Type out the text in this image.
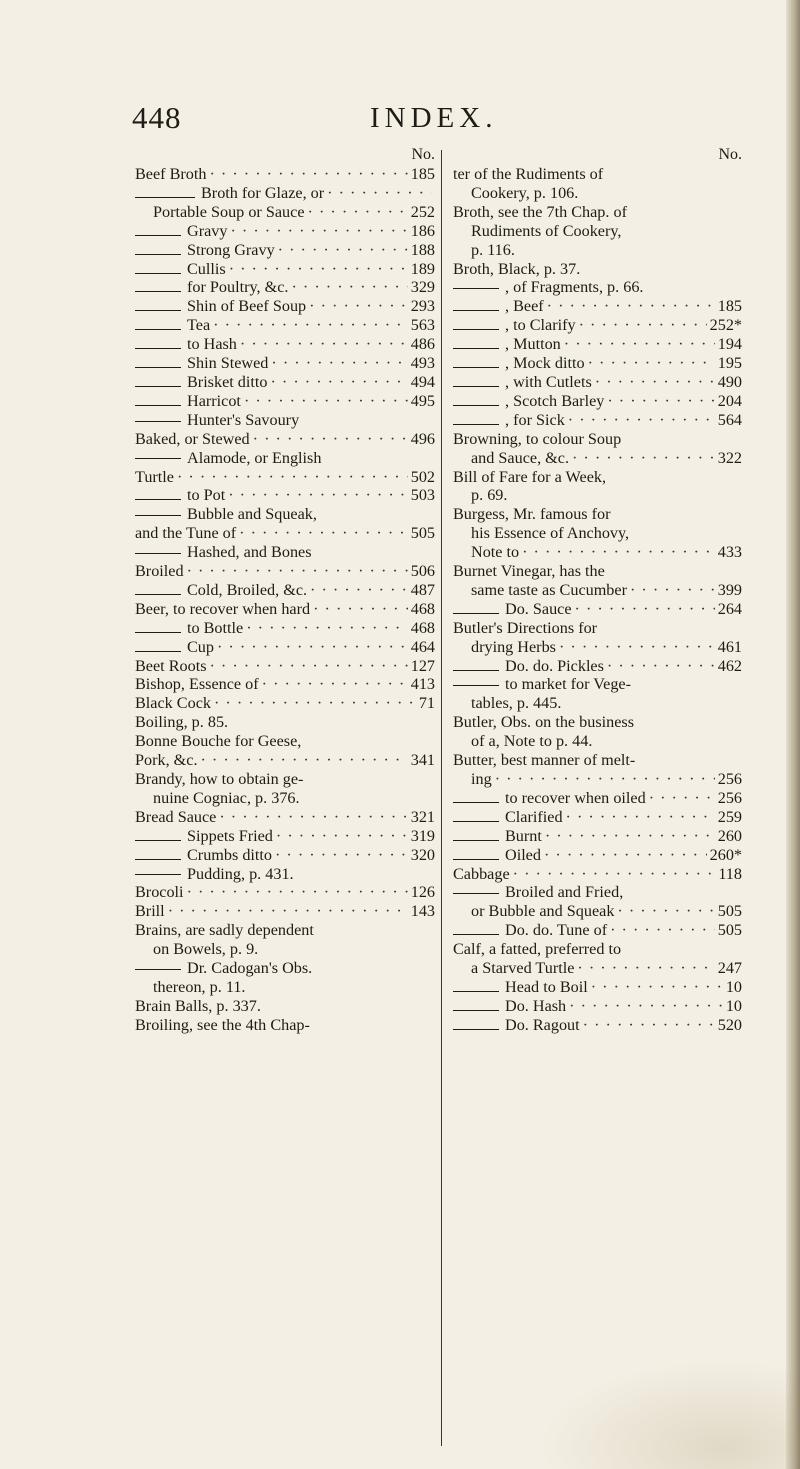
448	INDEX.
No.
Beef Broth · · ·	185
Broth for Glaze, or
· · ·
Portable Soup or Sauce · · ·	252
Gravy · · ·	186
Strong Gravy · · ·	188
Cullis · · ·	189
for Poultry, &c. · · ·	329
Shin of Beef Soup · · ·	293
Tea · · ·	563
to Hash · · ·	486
Shin Stewed · · ·	493
Brisket ditto · · ·	494
Harricot · · ·	495
Hunter's Savoury
Baked, or Stewed · · ·	496
Alamode, or English
Turtle · · ·	502
to Pot · · ·	503
Bubble and Squeak,
and the Tune of · · ·	505
Hashed, and Bones
Broiled · · ·	506
Cold, Broiled, &c. · · ·	487
Beer, to recover when hard · · ·	468
to Bottle · · ·	468
Cup · · ·	464
Beet Roots · · ·	127
Bishop, Essence of · · ·	413
Black Cock · · ·	71
Boiling, p. 85.
Bonne Bouche for Geese,
Pork, &c. · · ·	341
Brandy, how to obtain ge-
nuine Cogniac, p. 376.
Bread Sauce · · ·	321
Sippets Fried · · ·	319
Crumbs ditto · · ·	320
Pudding, p. 431.
Brocoli · · ·	126
Brill · · ·	143
Brains, are sadly dependent
on Bowels, p. 9.
Dr. Cadogan's Obs.
thereon, p. 11.
Brain Balls, p. 337.
Broiling, see the 4th Chap-
No.
ter of the Rudiments of
Cookery, p. 106.
Broth, see the 7th Chap. of
Rudiments of Cookery,
p. 116.
Broth, Black, p. 37.
, of Fragments, p. 66.
, Beef · · ·	185
, to Clarify · · ·	252*
, Mutton · · ·	194
, Mock ditto · · ·	195
, with Cutlets · · ·	490
, Scotch Barley · · ·	204
, for Sick · · ·	564
Browning, to colour Soup
and Sauce, &c. · · ·	322
Bill of Fare for a Week,
p. 69.
Burgess, Mr. famous for
his Essence of Anchovy,
Note to · · ·	433
Burnet Vinegar, has the
same taste as Cucumber · · ·	399
Do. Sauce · · ·	264
Butler's Directions for
drying Herbs · · ·	461
Do. do. Pickles · · ·	462
to market for Vege-
tables, p. 445.
Butler, Obs. on the business
of a, Note to p. 44.
Butter, best manner of melt-
ing · · ·	256
to recover when oiled · · ·	256
Clarified · · ·	259
Burnt · · ·	260
Oiled · · ·	260*
Cabbage · · ·	118
Broiled and Fried,
or Bubble and Squeak · · ·	505
Do. do. Tune of · · ·	505
Calf, a fatted, preferred to
a Starved Turtle · · ·	247
Head to Boil · · ·	10
Do. Hash · · ·	10
Do. Ragout · · ·	520
